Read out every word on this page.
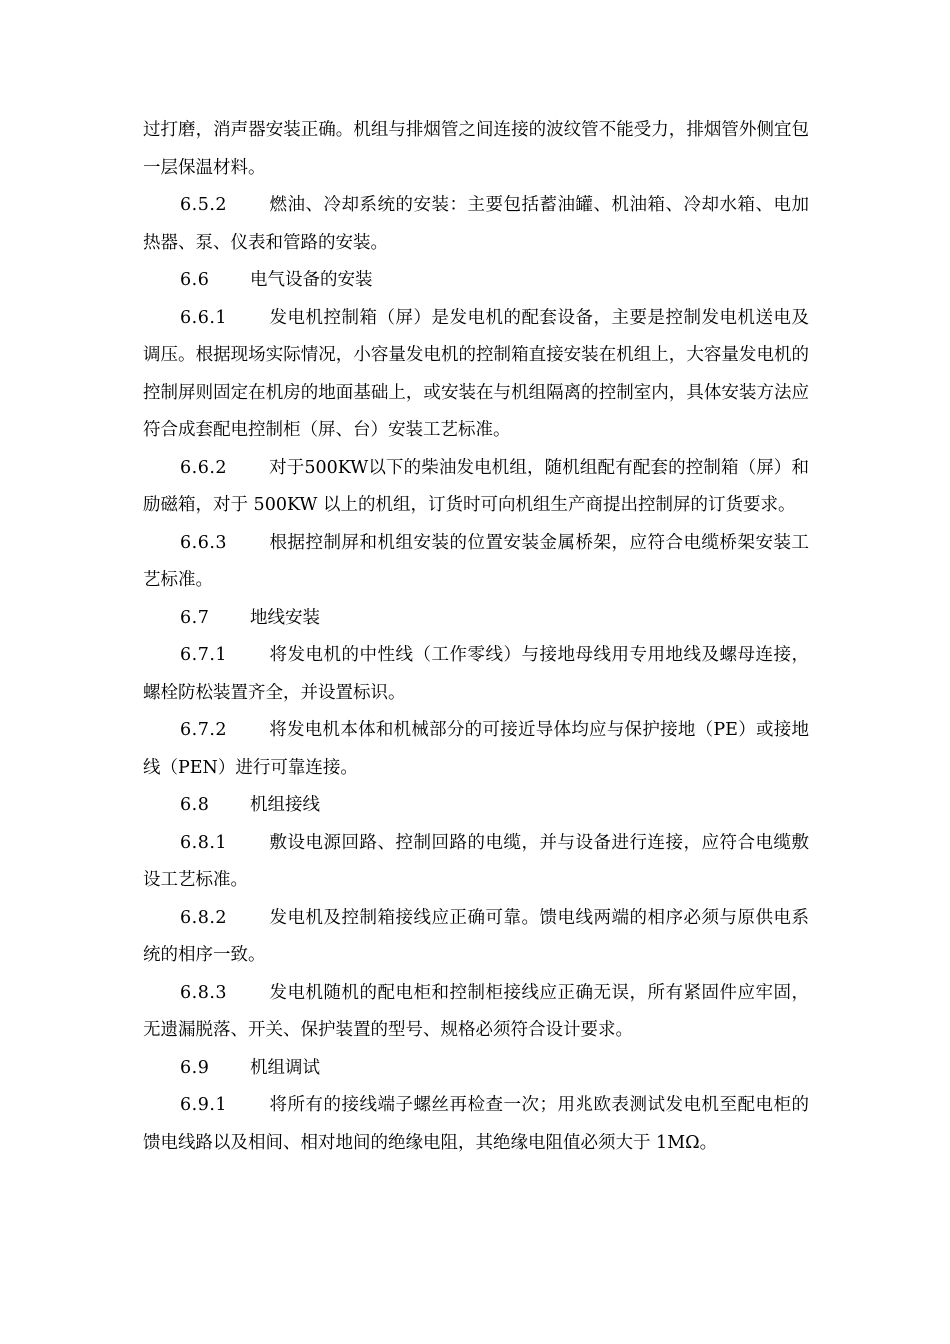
过打磨，消声器安装正确。机组与排烟管之间连接的波纹管不能受力，排烟管外侧宜包一层保温材料。

6.5.2 燃油、冷却系统的安装：主要包括蓄油罐、机油箱、冷却水箱、电加热器、泵、仪表和管路的安装。

6.6 电气设备的安装

6.6.1 发电机控制箱（屏）是发电机的配套设备，主要是控制发电机送电及调压。根据现场实际情况，小容量发电机的控制箱直接安装在机组上，大容量发电机的控制屏则固定在机房的地面基础上，或安装在与机组隔离的控制室内，具体安装方法应符合成套配电控制柜（屏、台）安装工艺标准。

6.6.2 对于500KW以下的柴油发电机组，随机组配有配套的控制箱（屏）和励磁箱，对于 500KW 以上的机组，订货时可向机组生产商提出控制屏的订货要求。

6.6.3 根据控制屏和机组安装的位置安装金属桥架，应符合电缆桥架安装工艺标准。

6.7 地线安装

6.7.1 将发电机的中性线（工作零线）与接地母线用专用地线及螺母连接，螺栓防松装置齐全，并设置标识。

6.7.2 将发电机本体和机械部分的可接近导体均应与保护接地（PE）或接地线（PEN）进行可靠连接。

6.8 机组接线

6.8.1 敷设电源回路、控制回路的电缆，并与设备进行连接，应符合电缆敷设工艺标准。

6.8.2 发电机及控制箱接线应正确可靠。馈电线两端的相序必须与原供电系统的相序一致。

6.8.3 发电机随机的配电柜和控制柜接线应正确无误，所有紧固件应牢固，无遗漏脱落、开关、保护装置的型号、规格必须符合设计要求。

6.9 机组调试

6.9.1 将所有的接线端子螺丝再检查一次；用兆欧表测试发电机至配电柜的馈电线路以及相间、相对地间的绝缘电阻，其绝缘电阻值必须大于 1MΩ。
